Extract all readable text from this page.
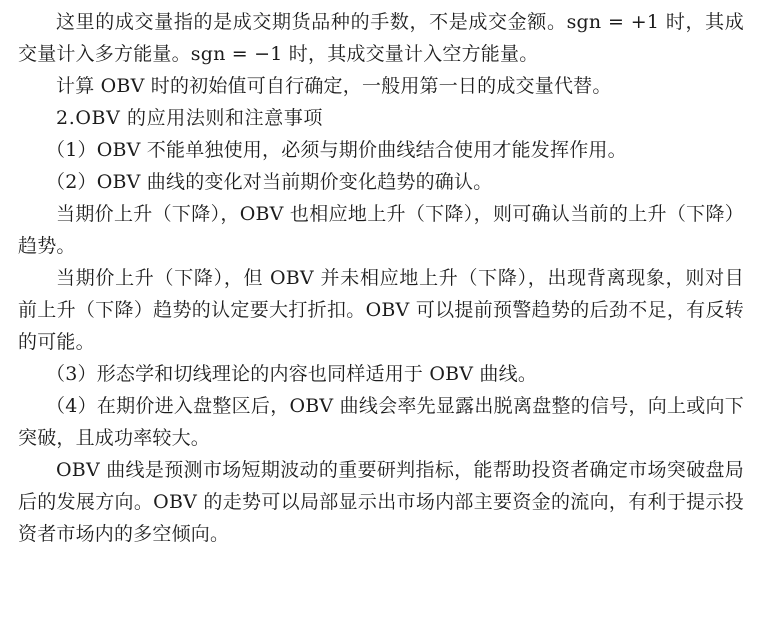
这里的成交量指的是成交期货品种的手数，不是成交金额。sgn = +1 时，其成交量计入多方能量。sgn = −1 时，其成交量计入空方能量。

计算 OBV 时的初始值可自行确定，一般用第一日的成交量代替。

2.OBV 的应用法则和注意事项

（1）OBV 不能单独使用，必须与期价曲线结合使用才能发挥作用。

（2）OBV 曲线的变化对当前期价变化趋势的确认。

当期价上升（下降），OBV 也相应地上升（下降），则可确认当前的上升（下降）趋势。

当期价上升（下降），但 OBV 并未相应地上升（下降），出现背离现象，则对目前上升（下降）趋势的认定要大打折扣。OBV 可以提前预警趋势的后劲不足，有反转的可能。

（3）形态学和切线理论的内容也同样适用于 OBV 曲线。

（4）在期价进入盘整区后，OBV 曲线会率先显露出脱离盘整的信号，向上或向下突破，且成功率较大。

OBV 曲线是预测市场短期波动的重要研判指标，能帮助投资者确定市场突破盘局后的发展方向。OBV 的走势可以局部显示出市场内部主要资金的流向，有利于提示投资者市场内的多空倾向。
